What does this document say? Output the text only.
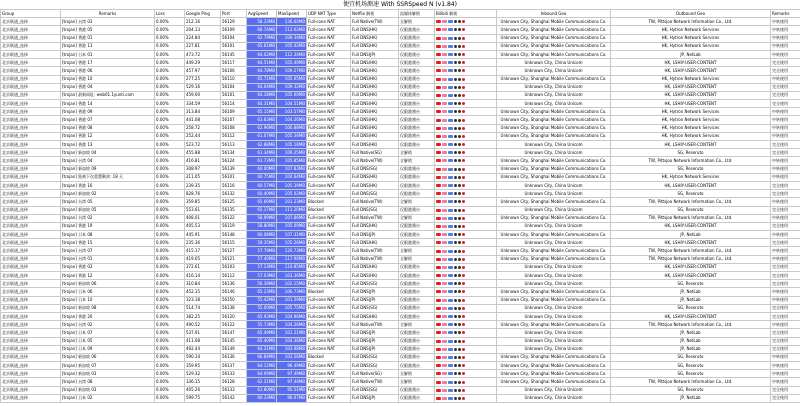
便宜机场测速 With SSRSpeed N (v1.84)
Group	Remarks	Loss	Google Ping	Port	AvgSpeed	MaxSpeed	UDP NAT Type	Netflix 解锁	流媒体解锁	Bilibili 解锁	Inbound Geo	Outbound Geo	Remarks
北京联通_选择	[trojan] 台湾 03	0.00%	212.16	56129	58.33MB	136.60MB	Full-cone NAT	Full Native(TW)	全解锁		Unknown City, Shanghai Mobile Communications Co.	TW, Pittsjoo Network Information Co., Ltd.	中转使用
北京联通_选择	[trojan] 香港 05	0.00%	204.13	56109	68.74MB	113.62MB	Full-cone NAT	Full DNS(HK)	仅限港澳台		Unknown City, Shanghai Mobile Communications Co.	HK, Hytron Network Services	中转使用
北京联通_选择	[trojan] 香港 01	0.00%	224.84	56104	62.79MB	109.34MB	Full-cone NAT	Full DNS(HK)	仅限港澳台		Unknown City, Shanghai Mobile Communications Co.	HK, Hytron Network Services	中转使用
北京联通_选择	[trojan] 香港 11	0.00%	227.81	56101	65.61MB	105.42MB	Full-cone NAT	Full DNS(HK)	仅限港澳台		Unknown City, Shanghai Mobile Communications Co.	HK, Hytron Network Services	中转使用
北京联通_选择	[trojan] 日本 01	0.00%	473.72	56145	64.02MB	112.34MB	Full-cone NAT	Full DNS(JP)	仅限港澳台		Unknown City, Shanghai Mobile Communications Co.	JP, NetLab	中转使用
北京联通_选择	[trojan] 香港 17	0.00%	449.29	56117	64.51MB	105.40MB	Full-cone NAT	Full DNS(HK)	仅限港澳台		Unknown City, China Unicom	HK, LSHIY-USER-CONTENT	完全使用
北京联通_选择	[trojan] 香港 06	0.00%	457.97	56106	64.78MB	109.27MB	Full-cone NAT	Full DNS(HK)	仅限港澳台		Unknown City, China Unicom	HK, LSHIY-USER-CONTENT	完全使用
北京联通_选择	[trojan] 香港 10	0.00%	277.25	56110	65.71MB	105.05MB	Full-cone NAT	Full DNS(HK)	仅限港澳台		Unknown City, Shanghai Mobile Communications Co.	HK, Hytron Network Services	中转使用
北京联通_选择	[trojan] 香港 04	0.00%	529.16	56104	64.04MB	109.32MB	Full-cone NAT	Full DNS(HK)	仅限港澳台		Unknown City, China Unicom	HK, LSHIY-USER-CONTENT	完全使用
北京联通_选择	[trojan] 最新网址: web01.1yunti.com	0.00%	459.00	56101	64.18MB	105.00MB	Full-cone NAT	Full DNS(HK)	仅限港澳台		Unknown City, China Unicom	HK, LSHIY-USER-CONTENT	完全使用
北京联通_选择	[trojan] 香港 14	0.00%	334.59	56114	64.31MB	104.51MB	Full-cone NAT	Full DNS(HK)	仅限港澳台		Unknown City, China Unicom	HK, LSHIY-USER-CONTENT	完全使用
北京联通_选择	[trojan] 香港 09	0.00%	313.84	56109	65.15MB	103.57MB	Full-cone NAT	Full DNS(HK)	仅限港澳台		Unknown City, Shanghai Mobile Communications Co.	HK, Hytron Network Services	中转使用
北京联通_选择	[trojan] 香港 07	0.00%	441.08	56107	63.83MB	104.26MB	Full-cone NAT	Full DNS(HK)	仅限港澳台		Unknown City, Shanghai Mobile Communications Co.	HK, Hytron Network Services	中转使用
北京联通_选择	[trojan] 香港 08	0.00%	258.72	56108	62.96MB	106.88MB	Full-cone NAT	Full DNS(HK)	仅限港澳台		Unknown City, Shanghai Mobile Communications Co.	HK, Hytron Network Services	中转使用
北京联通_选择	[trojan] 香港 12	0.00%	252.44	56112	61.07MB	105.34MB	Full-cone NAT	Full DNS(HK)	仅限港澳台		Unknown City, Shanghai Mobile Communications Co.	HK, Hytron Network Services	中转使用
北京联通_选择	[trojan] 香港 13	0.00%	523.72	56113	62.88MB	105.18MB	Full-cone NAT	Full DNS(HK)	仅限港澳台		Unknown City, China Unicom	HK, LSHIY-USER-CONTENT	完全使用
北京联通_选择	[trojan] 新加坡 04	0.00%	455.88	56134	61.34MB	109.25MB	Full-cone NAT	Full Native(SG)	全解锁		Unknown City, China Unicom	SG, Reseruto	完全使用
北京联通_选择	[trojan] 台湾 04	0.00%	416.81	56124	61.73MB	105.85MB	Full-cone NAT	Full Native(TW)	全解锁		Unknown City, Shanghai Mobile Communications Co.	TW, Pittsjoo Network Information Co., Ltd.	中转使用
北京联通_选择	[trojan] 新加坡 09	0.00%	308.97	56139	60.00MB	107.83MB	Full-cone NAT	Full DNS(SG)	仅限港澳台		Unknown City, Shanghai Mobile Communications Co.	SG, Reseruto	中转使用
北京联通_选择	[trojan] 距离下次重置剩余: 18 天	0.00%	211.05	56101	60.75MB	104.64MB	Full-cone NAT	Full DNS(HK)	仅限港澳台		Unknown City, Shanghai Mobile Communications Co.	HK, Hytron Network Services	中转使用
北京联通_选择	[trojan] 香港 16	0.00%	239.35	56116	60.57MB	105.39MB	Full-cone NAT	Full DNS(HK)	仅限港澳台		Unknown City, China Unicom	HK, LSHIY-USER-CONTENT	完全使用
北京联通_选择	[trojan] 新加坡 02	0.00%	828.76	56132	60.40MB	105.02MB	Full-cone NAT	Full DNS(SG)	仅限港澳台		Unknown City, China Unicom	SG, Reseruto	完全使用
北京联通_选择	[trojan] 台湾 05	0.00%	359.85	56125	65.66MB	101.23MB	Blocked	Full Native(TW)	全解锁		Unknown City, Shanghai Mobile Communications Co.	TW, Pittsjoo Network Information Co., Ltd.	中转使用
北京联通_选择	[trojan] 新加坡 05	0.00%	553.61	56135	65.17MB	111.20MB	Blocked	Full DNS(SG)	仅限港澳台		Unknown City, China Unicom	SG, Reseruto	完全使用
北京联通_选择	[trojan] 台湾 02	0.00%	408.01	56122	58.99MB	107.86MB	Full-cone NAT	Full Native(TW)	全解锁		Unknown City, Shanghai Mobile Communications Co.	TW, Pittsjoo Network Information Co., Ltd.	中转使用
北京联通_选择	[trojan] 香港 19	0.00%	405.53	56119	58.80MB	105.09MB	Full-cone NAT	Full DNS(HK)	仅限港澳台		Unknown City, China Unicom	HK, LSHIY-USER-CONTENT	完全使用
北京联通_选择	[trojan] 日本 08	0.00%	445.91	56148	60.08MB	107.31MB	Full-cone NAT	Full DNS(JP)	仅限港澳台		Unknown City, Shanghai Mobile Communications Co.	JP, NetLab	中转使用
北京联通_选择	[trojan] 香港 15	0.00%	235.36	56115	59.35MB	105.26MB	Full-cone NAT	Full DNS(HK)	仅限港澳台		Unknown City, China Unicom	HK, LSHIY-USER-CONTENT	完全使用
北京联通_选择	[trojan] 台湾 07	0.00%	415.17	56127	57.79MB	120.73MB	Full-cone NAT	Full Native(TW)	全解锁		Unknown City, Shanghai Mobile Communications Co.	TW, Pittsjoo Network Information Co., Ltd.	中转使用
北京联通_选择	[trojan] 台湾 01	0.00%	419.05	56121	57.40MB	117.90MB	Full-cone NAT	Full Native(TW)	全解锁		Unknown City, Shanghai Mobile Communications Co.	TW, Pittsjoo Network Information Co., Ltd.	中转使用
北京联通_选择	[trojan] 香港 03	0.00%	372.61	56103	57.13MB	110.85MB	Full-cone NAT	Full DNS(HK)	仅限港澳台		Unknown City, China Unicom	HK, LSHIY-USER-CONTENT	完全使用
北京联通_选择	[trojan] 香港 12	0.00%	416.14	56112	57.03MB	103.36MB	Full-cone NAT	Full DNS(HK)	仅限港澳台		Unknown City, China Unicom	HK, LSHIY-USER-CONTENT	完全使用
北京联通_选择	[trojan] 新加坡 06	0.00%	310.84	56136	56.39MB	102.15MB	Full-cone NAT	Full DNS(SG)	仅限港澳台		Unknown City, China Unicom	SG, Reseruto	完全使用
北京联通_选择	[trojan] 日本 06	0.00%	452.15	56146	65.23MB	106.73MB	Blocked	Full DNS(JP)	仅限港澳台		Unknown City, Shanghai Mobile Communications Co.	JP, NetLab	中转使用
北京联通_选择	[trojan] 日本 10	0.00%	323.18	56150	55.42MB	101.59MB	Full-cone NAT	Full DNS(JP)	仅限港澳台		Unknown City, Shanghai Mobile Communications Co.	JP, NetLab	中转使用
北京联通_选择	[trojan] 新加坡 08	0.00%	514.74	56138	55.00MB	105.75MB	Full-cone NAT	Full DNS(SG)	仅限港澳台		Unknown City, China Unicom	SG, Reseruto	完全使用
北京联通_选择	[trojan] 香港 20	0.00%	382.25	56120	65.93MB	104.96MB	Full-cone NAT	Full DNS(HK)	仅限港澳台		Unknown City, China Unicom	HK, LSHIY-USER-CONTENT	完全使用
北京联通_选择	[trojan] 台湾 02	0.00%	490.52	56122	55.73MB	104.26MB	Full-cone NAT	Full Native(TW)	全解锁		Unknown City, Shanghai Mobile Communications Co.	TW, Pittsjoo Network Information Co., Ltd.	中转使用
北京联通_选择	[trojan] 日本 07	0.00%	537.91	56147	65.49MB	101.21MB	Full-cone NAT	Full DNS(JP)	仅限港澳台		Unknown City, China Unicom	JP, NetLab	完全使用
北京联通_选择	[trojan] 日本 05	0.00%	411.08	56145	65.40MB	104.36MB	Full-cone NAT	Full DNS(JP)	仅限港澳台		Unknown City, China Unicom	JP, NetLab	完全使用
北京联通_选择	[trojan] 日本 09	0.00%	492.44	56149	64.21MB	103.98MB	Full-cone NAT	Full DNS(JP)	仅限港澳台		Unknown City, China Unicom	JP, NetLab	完全使用
北京联通_选择	[trojan] 新加坡 06	0.00%	590.14	56136	66.84MB	103.56MB	Blocked	Full DNS(SG)	仅限港澳台		Unknown City, Shanghai Mobile Communications Co.	SG, Reseruto	中转使用
北京联通_选择	[trojan] 新加坡 07	0.00%	359.95	56137	64.12MB	96.49MB	Full-cone NAT	Full DNS(SG)	仅限港澳台		Unknown City, Shanghai Mobile Communications Co.	SG, Reseruto	中转使用
北京联通_选择	[trojan] 新加坡 03	0.00%	529.32	56133	64.09MB	97.49MB	Full-cone NAT	Full Native(SG)	全解锁		Unknown City, Shanghai Mobile Communications Co.	SG, Reseruto	中转使用
北京联通_选择	[trojan] 台湾 08	0.00%	336.15	56128	62.21MB	97.44MB	Full-cone NAT	Full Native(TW)	全解锁		Unknown City, Shanghai Mobile Communications Co.	TW, Pittsjoo Network Information Co., Ltd.	中转使用
北京联通_选择	[trojan] 新加坡 03	0.00%	405.26	56133	61.80MB	95.51MB	Full-cone NAT	Full DNS(SG)	仅限港澳台		Unknown City, China Unicom	SG, Reseruto	完全使用
北京联通_选择	[trojan] 日本 02	0.00%	599.75	56142	60.33MB	96.07MB	Full-cone NAT	Full DNS(JP)	仅限港澳台		Unknown City, China Unicom	JP, NetLab	完全使用
